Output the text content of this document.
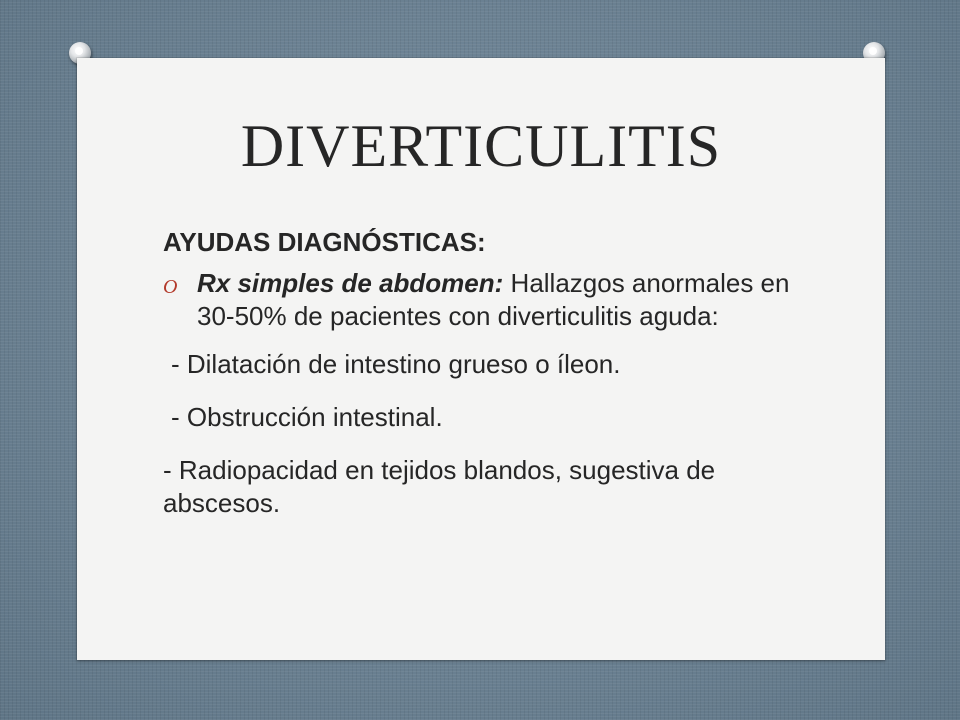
DIVERTICULITIS
AYUDAS DIAGNÓSTICAS:
O Rx simples de abdomen: Hallazgos anormales en 30-50% de pacientes con diverticulitis aguda:
- Dilatación de intestino grueso o íleon.
- Obstrucción intestinal.
- Radiopacidad en tejidos blandos, sugestiva de abscesos.
